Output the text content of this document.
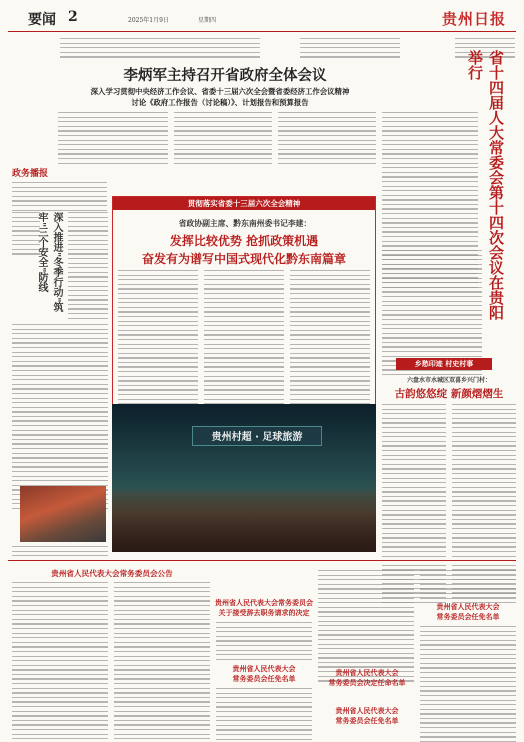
要闻 2	2025年1月9日	星期四	贵州日报
李炳军主持召开省政府全体会议
深入学习贯彻中央经济工作会议、省委十三届六次全会暨省委经济工作会议精神
讨论《政府工作报告（讨论稿）》、计划报告和预算报告	省十四届人大常委会第十四次会议在贵阳举行
政务播报
深入推进"冬季行动"筑牢"三个安全"防线
贯彻落实省委十三届六次全会精神
省政协副主席、黔东南州委书记李建：
发挥比较优势 抢抓政策机遇
奋发有为谱写中国式现代化黔东南篇章
乡愁印迹 村史村事
六盘水市水城区双喜乡兴门村：
古韵悠悠绽 新颜熠熠生
贵州村超 · 足球旅游
贵州省人民代表大会常务委员会公告
贵州省人民代表大会常务委员会
关于接受辞去职务请求的决定
贵州省人民代表大会
常务委员会任免名单
贵州省人民代表大会
常务委员会决定任命名单
贵州省人民代表大会
常务委员会任免名单
贵州省人民代表大会
常务委员会任免名单
